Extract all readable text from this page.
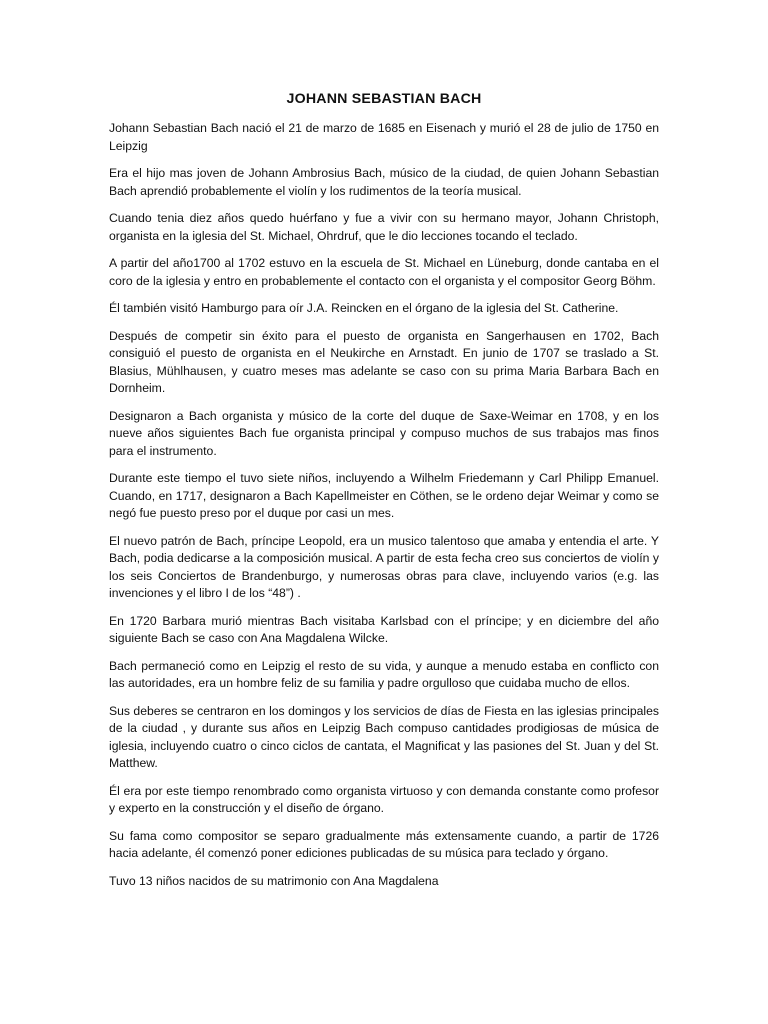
JOHANN SEBASTIAN BACH

Johann Sebastian Bach nació el 21 de marzo de 1685 en Eisenach y murió el 28 de julio de 1750 en Leipzig

Era el hijo mas joven de Johann Ambrosius Bach, músico de la ciudad, de quien Johann Sebastian Bach aprendió probablemente el violín y los rudimentos de la teoría musical.

Cuando tenia diez años quedo huérfano y fue a vivir con su hermano mayor, Johann Christoph, organista en la iglesia del St. Michael, Ohrdruf, que le dio lecciones tocando el teclado.

A partir del año1700 al 1702 estuvo en la escuela de St. Michael en Lüneburg, donde cantaba en el coro de la iglesia y entro en probablemente el contacto con el organista y el compositor Georg Böhm.

Él también visitó Hamburgo para oír J.A. Reincken en el órgano de la iglesia del St. Catherine.

Después de competir sin éxito para el puesto de organista en Sangerhausen en 1702, Bach consiguió el puesto de organista en el Neukirche en Arnstadt. En junio de 1707 se traslado a St. Blasius, Mühlhausen, y cuatro meses mas adelante se caso con su prima Maria Barbara Bach en Dornheim.

Designaron a Bach organista y músico de la corte del duque de Saxe-Weimar en 1708, y en los nueve años siguientes Bach fue organista principal y compuso muchos de sus trabajos mas finos para el instrumento.

Durante este tiempo el tuvo siete niños, incluyendo a Wilhelm Friedemann y Carl Philipp Emanuel. Cuando, en 1717, designaron a Bach Kapellmeister en Cöthen, se le ordeno dejar Weimar y como se negó fue puesto preso por el duque por casi un mes.

El nuevo patrón de Bach, príncipe Leopold, era un musico talentoso que amaba y entendia el arte. Y Bach, podia dedicarse a la composición musical. A partir de esta fecha creo sus conciertos de violín y los seis Conciertos de Brandenburgo, y numerosas obras para clave, incluyendo varios (e.g. las invenciones y el libro I de los “48”) .

En 1720 Barbara murió mientras Bach visitaba Karlsbad con el príncipe; y en diciembre del año siguiente Bach se caso con Ana Magdalena Wilcke.

Bach permaneció como en Leipzig el resto de su vida, y aunque a menudo estaba en conflicto con las autoridades, era un hombre feliz de su familia y padre orgulloso que cuidaba mucho de ellos.

Sus deberes se centraron en los domingos y los servicios de días de Fiesta en las iglesias principales de la ciudad , y durante sus años en Leipzig Bach compuso cantidades prodigiosas de música de iglesia, incluyendo cuatro o cinco ciclos de cantata, el Magnificat y las pasiones del St. Juan y del St. Matthew.

Él era por este tiempo renombrado como organista virtuoso y con demanda constante como profesor y experto en la construcción y el diseño de órgano.

Su fama como compositor se separo gradualmente más extensamente cuando, a partir de 1726 hacia adelante, él comenzó poner ediciones publicadas de su música para teclado y órgano.

Tuvo 13 niños nacidos de su matrimonio con Ana Magdalena
